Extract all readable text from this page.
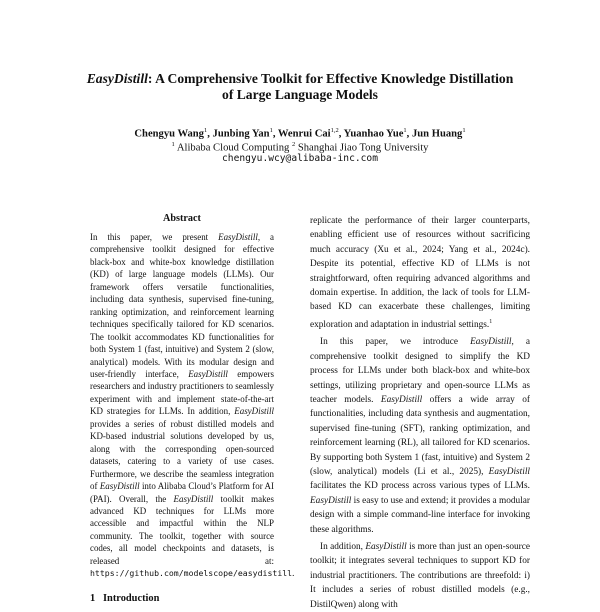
EasyDistill: A Comprehensive Toolkit for Effective Knowledge Distillation
of Large Language Models
Chengyu Wang$^1$, Junbing Yan$^1$, Wenrui Cai$^{1,2}$, Yuanhao Yue$^1$, Jun Huang$^1$
$^1$ Alibaba Cloud Computing $^2$ Shanghai Jiao Tong University
chengyu.wcy@alibaba-inc.com
Abstract
In this paper, we present EasyDistill, a comprehensive toolkit designed for effective black-box and white-box knowledge distillation (KD) of large language models (LLMs). Our framework offers versatile functionalities, including data synthesis, supervised fine-tuning, ranking optimization, and reinforcement learning techniques specifically tailored for KD scenarios. The toolkit accommodates KD functionalities for both System 1 (fast, intuitive) and System 2 (slow, analytical) models. With its modular design and user-friendly interface, EasyDistill empowers researchers and industry practitioners to seamlessly experiment with and implement state-of-the-art KD strategies for LLMs. In addition, EasyDistill provides a series of robust distilled models and KD-based industrial solutions developed by us, along with the corresponding open-sourced datasets, catering to a variety of use cases. Furthermore, we describe the seamless integration of EasyDistill into Alibaba Cloud’s Platform for AI (PAI). Overall, the EasyDistill toolkit makes advanced KD techniques for LLMs more accessible and impactful within the NLP community. The toolkit, together with source codes, all model checkpoints and datasets, is released at: https://github.com/modelscope/easydistill.

replicate the performance of their larger counterparts, enabling efficient use of resources without sacrificing much accuracy (Xu et al., 2024; Yang et al., 2024c). Despite its potential, effective KD of LLMs is not straightforward, often requiring advanced algorithms and domain expertise. In addition, the lack of tools for LLM-based KD can exacerbate these challenges, limiting exploration and adaptation in industrial settings.$^1$

In this paper, we introduce EasyDistill, a comprehensive toolkit designed to simplify the KD process for LLMs under both black-box and white-box settings, utilizing proprietary and open-source LLMs as teacher models. EasyDistill offers a wide array of functionalities, including data synthesis and augmentation, supervised fine-tuning (SFT), ranking optimization, and reinforcement learning (RL), all tailored for KD scenarios. By supporting both System 1 (fast, intuitive) and System 2 (slow, analytical) models (Li et al., 2025), EasyDistill facilitates the KD process across various types of LLMs. EasyDistill is easy to use and extend; it provides a modular design with a simple command-line interface for invoking these algorithms.

In addition, EasyDistill is more than just an open-source toolkit; it integrates several techniques to support KD for industrial practitioners. The contributions are threefold: i) It includes a series of robust distilled models (e.g., DistilQwen) along with

1 Introduction
